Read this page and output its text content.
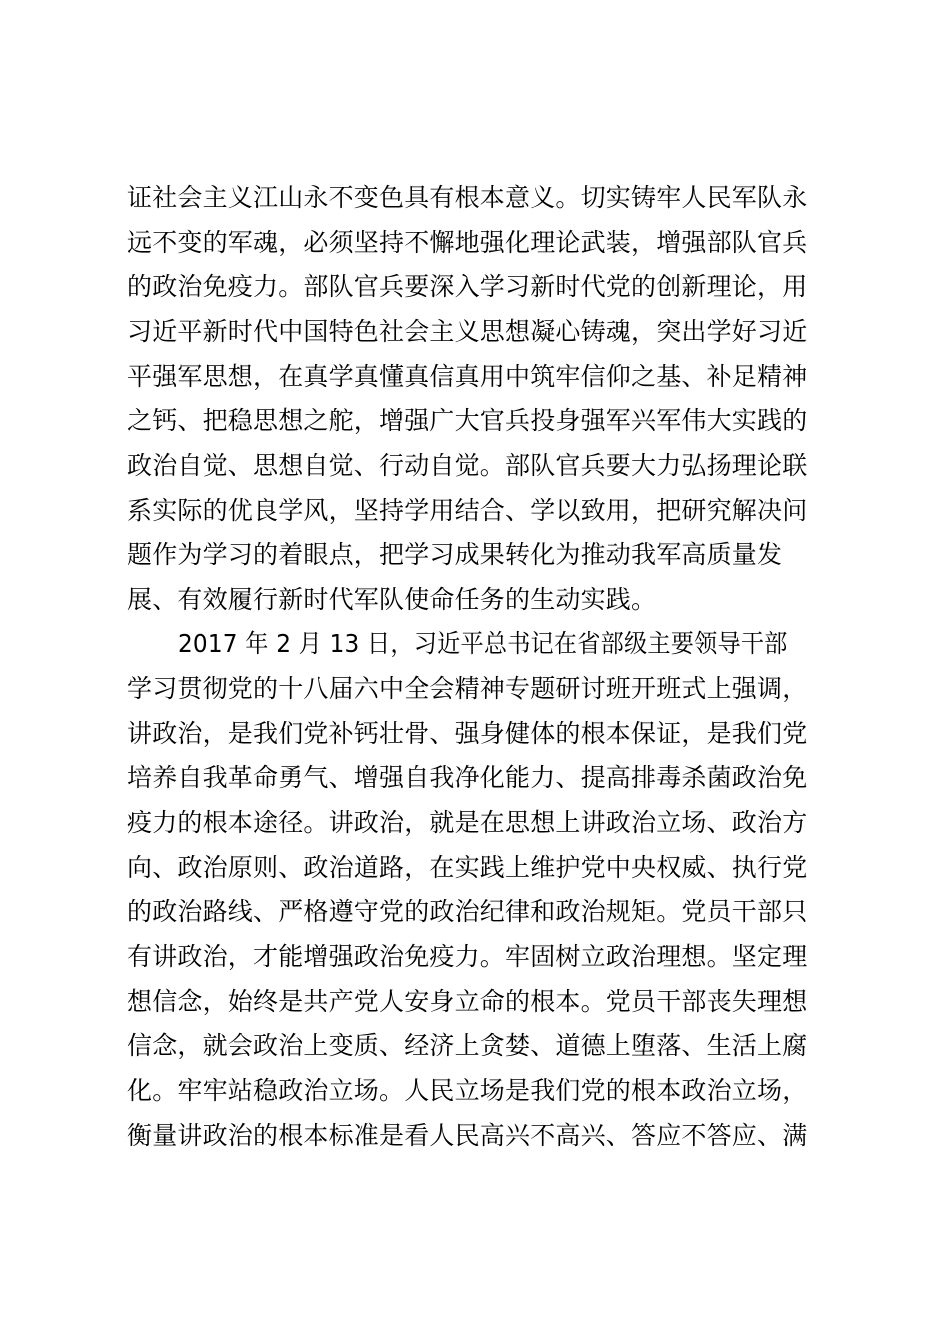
证社会主义江山永不变色具有根本意义。切实铸牢人民军队永
远不变的军魂，必须坚持不懈地强化理论武装，增强部队官兵
的政治免疫力。部队官兵要深入学习新时代党的创新理论，用
习近平新时代中国特色社会主义思想凝心铸魂，突出学好习近
平强军思想，在真学真懂真信真用中筑牢信仰之基、补足精神
之钙、把稳思想之舵，增强广大官兵投身强军兴军伟大实践的
政治自觉、思想自觉、行动自觉。部队官兵要大力弘扬理论联
系实际的优良学风，坚持学用结合、学以致用，把研究解决问
题作为学习的着眼点，把学习成果转化为推动我军高质量发
展、有效履行新时代军队使命任务的生动实践。
2017 年 2 月 13 日，习近平总书记在省部级主要领导干部
学习贯彻党的十八届六中全会精神专题研讨班开班式上强调，
讲政治，是我们党补钙壮骨、强身健体的根本保证，是我们党
培养自我革命勇气、增强自我净化能力、提高排毒杀菌政治免
疫力的根本途径。讲政治，就是在思想上讲政治立场、政治方
向、政治原则、政治道路，在实践上维护党中央权威、执行党
的政治路线、严格遵守党的政治纪律和政治规矩。党员干部只
有讲政治，才能增强政治免疫力。牢固树立政治理想。坚定理
想信念，始终是共产党人安身立命的根本。党员干部丧失理想
信念，就会政治上变质、经济上贪婪、道德上堕落、生活上腐
化。牢牢站稳政治立场。人民立场是我们党的根本政治立场，
衡量讲政治的根本标准是看人民高兴不高兴、答应不答应、满
